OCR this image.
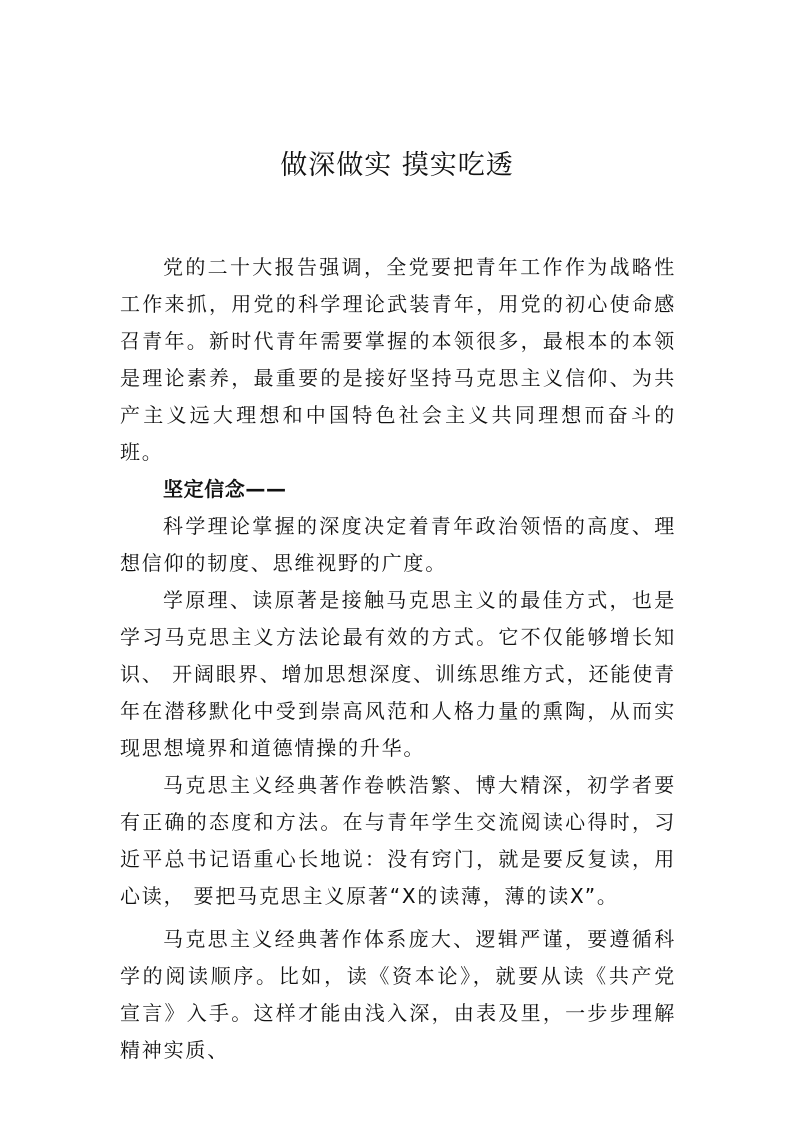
做深做实 摸实吃透

党的二十大报告强调，全党要把青年工作作为战略性工作来抓，用党的科学理论武装青年，用党的初心使命感召青年。新时代青年需要掌握的本领很多，最根本的本领是理论素养，最重要的是接好坚持马克思主义信仰、为共产主义远大理想和中国特色社会主义共同理想而奋斗的班。

坚定信念——

科学理论掌握的深度决定着青年政治领悟的高度、理想信仰的韧度、思维视野的广度。

学原理、读原著是接触马克思主义的最佳方式，也是学习马克思主义方法论最有效的方式。它不仅能够增长知识、 开阔眼界、增加思想深度、训练思维方式，还能使青年在潜移默化中受到崇高风范和人格力量的熏陶，从而实现思想境界和道德情操的升华。

马克思主义经典著作卷帙浩繁、博大精深，初学者要有正确的态度和方法。在与青年学生交流阅读心得时，习近平总书记语重心长地说：没有窍门，就是要反复读，用心读， 要把马克思主义原著“X的读薄，薄的读X”。

马克思主义经典著作体系庞大、逻辑严谨，要遵循科学的阅读顺序。比如，读《资本论》，就要从读《共产党宣言》入手。这样才能由浅入深，由表及里，一步步理解精神实质、
